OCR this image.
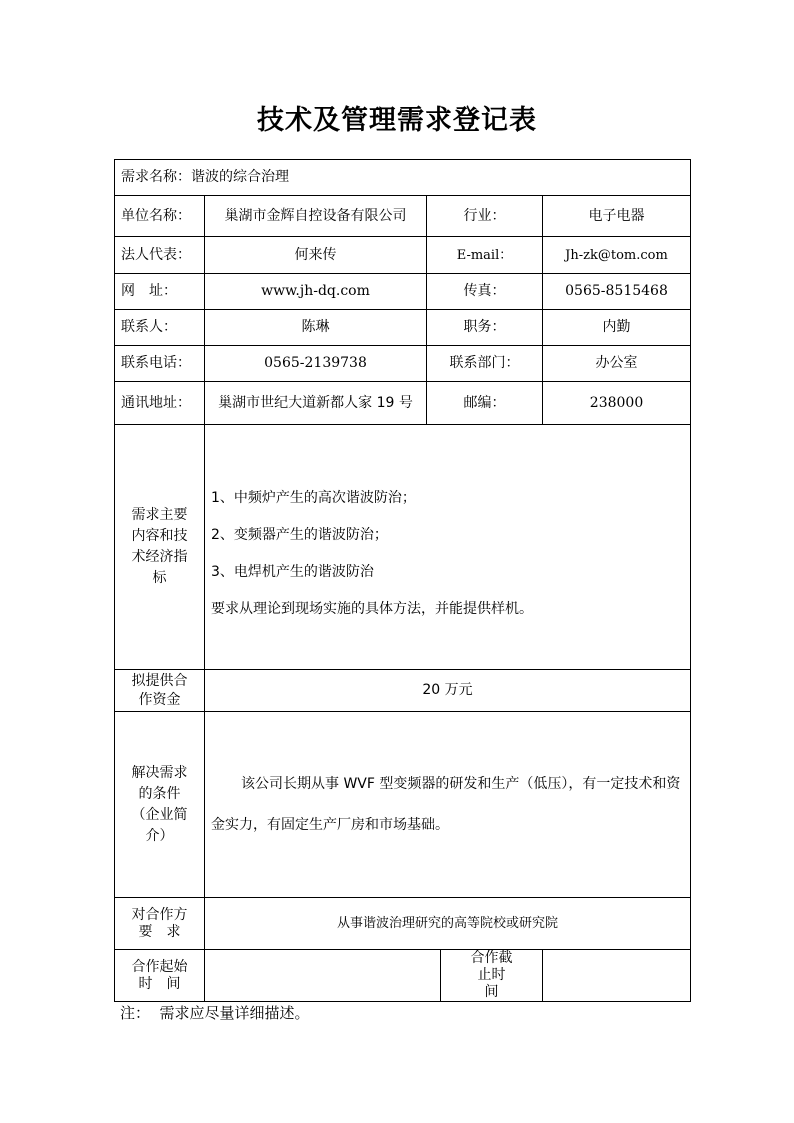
技术及管理需求登记表
需求名称：谐波的综合治理				
单位名称：	巢湖市金辉自控设备有限公司	行业：		电子电器
法人代表：	何来传	E-mail：		Jh-zk@tom.com
网　址：	www.jh-dq.com	传真：		0565-8515468
联系人：	陈琳	职务：		内勤
联系电话：	0565-2139738	联系部门：		办公室
通讯地址：	巢湖市世纪大道新都人家 19 号	邮编：		238000
需求主要内容和技术经济指标	1、中频炉产生的高次谐波防治；

2、变频器产生的谐波防治；

3、电焊机产生的谐波防治

要求从理论到现场实施的具体方法，并能提供样机。			

拟提供合作资金	20 万元			
解决需求的条件（企业简介）	该公司长期从事 WVF 型变频器的研发和生产（低压），有一定技术和资金实力，有固定生产厂房和市场基础。			
对合作方　要　求	从事谐波治理研究的高等院校或研究院			
合作起始时　间			合作截止时　间	
注：  需求应尽量详细描述。
